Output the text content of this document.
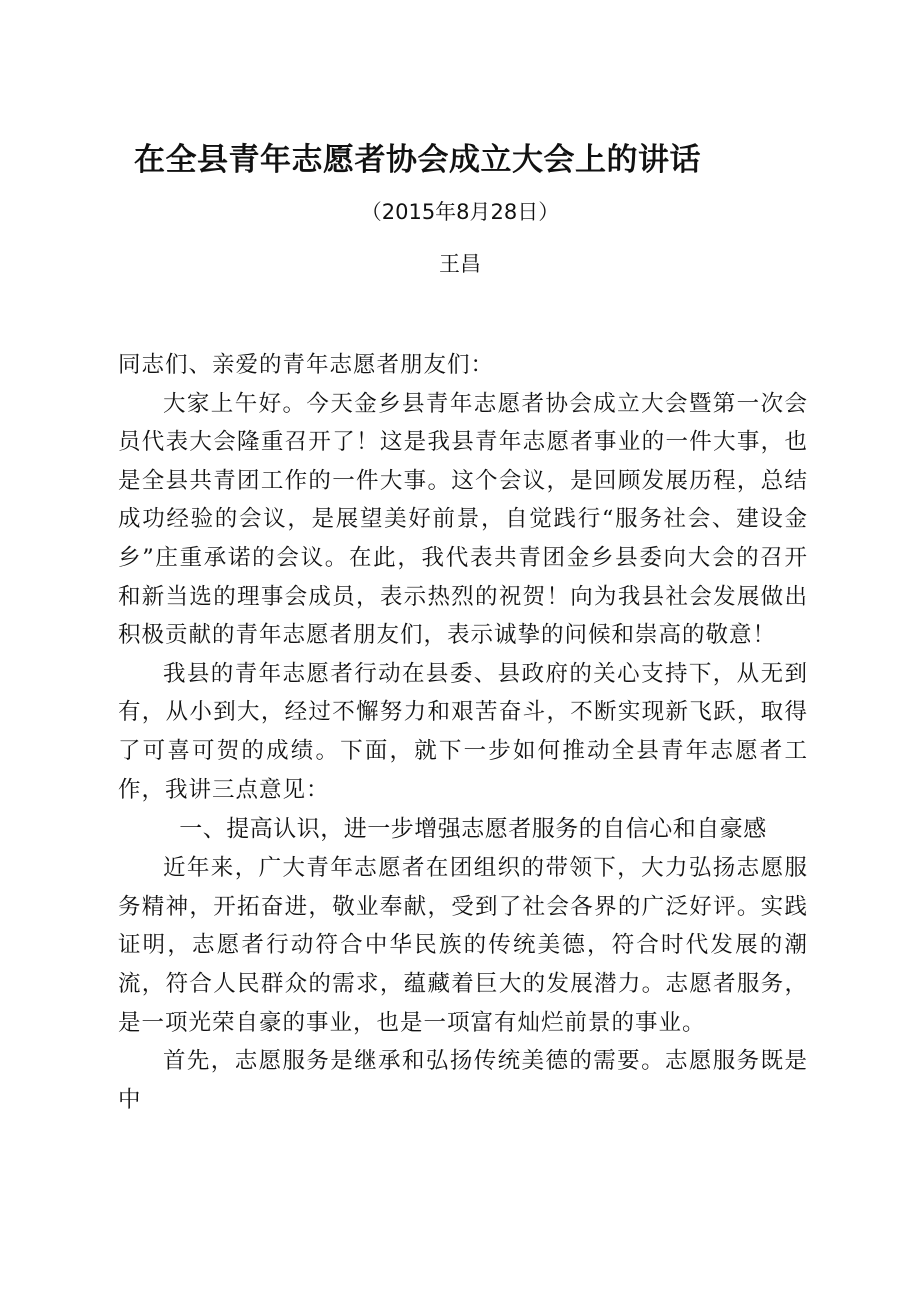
在全县青年志愿者协会成立大会上的讲话

（2015年8月28日）

王昌

同志们、亲爱的青年志愿者朋友们：

大家上午好。今天金乡县青年志愿者协会成立大会暨第一次会员代表大会隆重召开了！这是我县青年志愿者事业的一件大事，也是全县共青团工作的一件大事。这个会议，是回顾发展历程，总结成功经验的会议，是展望美好前景，自觉践行“服务社会、建设金乡”庄重承诺的会议。在此，我代表共青团金乡县委向大会的召开和新当选的理事会成员，表示热烈的祝贺！向为我县社会发展做出积极贡献的青年志愿者朋友们，表示诚挚的问候和崇高的敬意！

我县的青年志愿者行动在县委、县政府的关心支持下，从无到有，从小到大，经过不懈努力和艰苦奋斗，不断实现新飞跃，取得了可喜可贺的成绩。下面，就下一步如何推动全县青年志愿者工作，我讲三点意见：

一、提高认识，进一步增强志愿者服务的自信心和自豪感

近年来，广大青年志愿者在团组织的带领下，大力弘扬志愿服务精神，开拓奋进，敬业奉献，受到了社会各界的广泛好评。实践证明，志愿者行动符合中华民族的传统美德，符合时代发展的潮流，符合人民群众的需求，蕴藏着巨大的发展潜力。志愿者服务，是一项光荣自豪的事业，也是一项富有灿烂前景的事业。

首先，志愿服务是继承和弘扬传统美德的需要。志愿服务既是中
